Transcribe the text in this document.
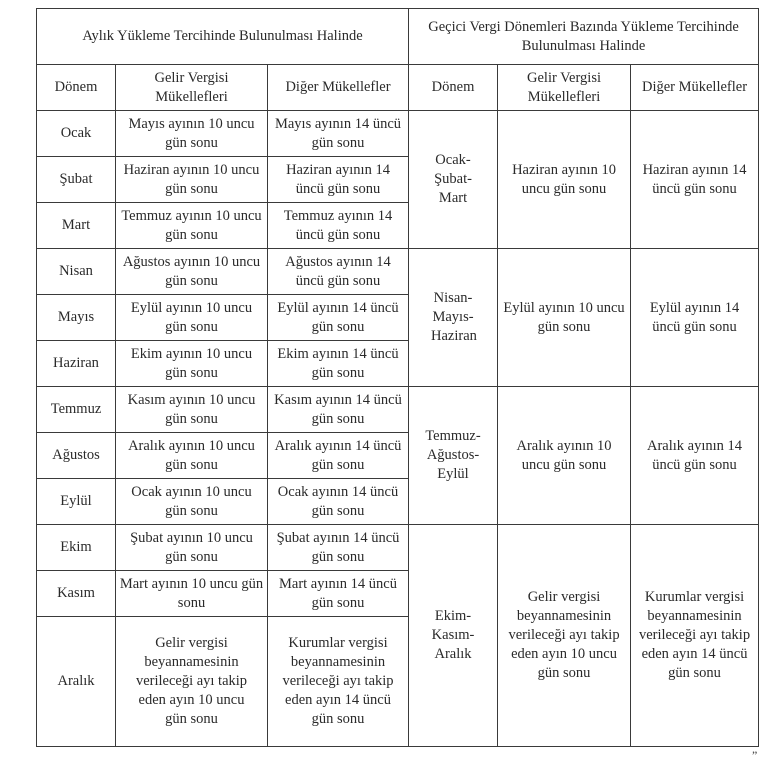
Aylık Yükleme Tercihinde Bulunulması Halinde			Geçici Vergi Dönemleri Bazında Yükleme Tercihinde Bulunulması Halinde		
Dönem	Gelir Vergisi Mükellefleri	Diğer Mükellefler	Dönem	Gelir Vergisi Mükellefleri	Diğer Mükellefler
Ocak	Mayıs ayının 10 uncu gün sonu	Mayıs ayının 14 üncü gün sonu	Ocak-Şubat-Mart	Haziran ayının 10 uncu gün sonu	Haziran ayının 14 üncü gün sonu
Şubat	Haziran ayının 10 uncu gün sonu	Haziran ayının 14 üncü gün sonu			
Mart	Temmuz ayının 10 uncu gün sonu	Temmuz ayının 14 üncü gün sonu			
Nisan	Ağustos ayının 10 uncu gün sonu	Ağustos ayının 14 üncü gün sonu	Nisan-Mayıs-Haziran	Eylül ayının 10 uncu gün sonu	Eylül ayının 14 üncü gün sonu
Mayıs	Eylül ayının 10 uncu gün sonu	Eylül ayının 14 üncü gün sonu			
Haziran	Ekim ayının 10 uncu gün sonu	Ekim ayının 14 üncü gün sonu			
Temmuz	Kasım ayının 10 uncu gün sonu	Kasım ayının 14 üncü gün sonu	Temmuz-Ağustos-Eylül	Aralık ayının 10 uncu gün sonu	Aralık ayının 14 üncü gün sonu
Ağustos	Aralık ayının 10 uncu gün sonu	Aralık ayının 14 üncü gün sonu			
Eylül	Ocak ayının 10 uncu gün sonu	Ocak ayının 14 üncü gün sonu			
Ekim	Şubat ayının 10 uncu gün sonu	Şubat ayının 14 üncü gün sonu	Ekim-Kasım-Aralık	Gelir vergisi beyannamesinin verileceği ayı takip eden ayın 10 uncu gün sonu	Kurumlar vergisi beyannamesinin verileceği ayı takip eden ayın 14 üncü gün sonu
Kasım	Mart ayının 10 uncu gün sonu	Mart ayının 14 üncü gün sonu			
Aralık	Gelir vergisi beyannamesinin verileceği ayı takip eden ayın 10 uncu gün sonu	Kurumlar vergisi beyannamesinin verileceği ayı takip eden ayın 14 üncü gün sonu			
”
